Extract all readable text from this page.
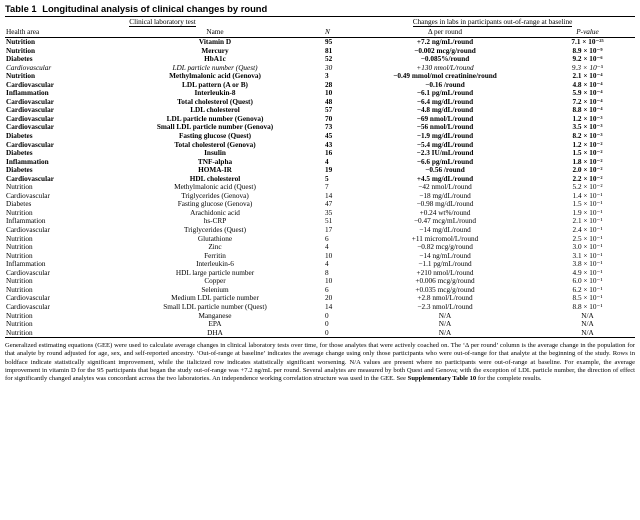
Table 1 Longitudinal analysis of clinical changes by round
Clinical laboratory test			Changes in labs in participants out-of-range at baseline	
Health area	Name	N	Δ per round	P-value
Nutrition	Vitamin D	95	+7.2 ng/mL/round	7.1 × 10⁻²⁵
Nutrition	Mercury	81	−0.002 mcg/g/round	8.9 × 10⁻⁹
Diabetes	HbA1c	52	−0.085%/round	9.2 × 10⁻⁶
Cardiovascular	LDL particle number (Quest)	30	+130 nmol/L/round	9.3 × 10⁻⁵
Nutrition	Methylmalonic acid (Genova)	3	−0.49 mmol/mol creatinine/round	2.1 × 10⁻⁴
Cardiovascular	LDL pattern (A or B)	28	−0.16 /round	4.8 × 10⁻⁴
Inflammation	Interleukin-8	10	−6.1 pg/mL/round	5.9 × 10⁻⁴
Cardiovascular	Total cholesterol (Quest)	48	−6.4 mg/dL/round	7.2 × 10⁻⁴
Cardiovascular	LDL cholesterol	57	−4.8 mg/dL/round	8.8 × 10⁻⁴
Cardiovascular	LDL particle number (Genova)	70	−69 nmol/L/round	1.2 × 10⁻³
Cardiovascular	Small LDL particle number (Genova)	73	−56 nmol/L/round	3.5 × 10⁻³
Diabetes	Fasting glucose (Quest)	45	−1.9 mg/dL/round	8.2 × 10⁻³
Cardiovascular	Total cholesterol (Genova)	43	−5.4 mg/dL/round	1.2 × 10⁻²
Diabetes	Insulin	16	−2.3 IU/mL/round	1.5 × 10⁻²
Inflammation	TNF-alpha	4	−6.6 pg/mL/round	1.8 × 10⁻²
Diabetes	HOMA-IR	19	−0.56 /round	2.0 × 10⁻²
Cardiovascular	HDL cholesterol	5	+4.5 mg/dL/round	2.2 × 10⁻²
Nutrition	Methylmalonic acid (Quest)	7	−42 nmol/L/round	5.2 × 10⁻²
Cardiovascular	Triglycerides (Genova)	14	−18 mg/dL/round	1.4 × 10⁻¹
Diabetes	Fasting glucose (Genova)	47	−0.98 mg/dL/round	1.5 × 10⁻¹
Nutrition	Arachidonic acid	35	+0.24 wt%/round	1.9 × 10⁻¹
Inflammation	hs-CRP	51	−0.47 mcg/mL/round	2.1 × 10⁻¹
Cardiovascular	Triglycerides (Quest)	17	−14 mg/dL/round	2.4 × 10⁻¹
Nutrition	Glutathione	6	+11 micromol/L/round	2.5 × 10⁻¹
Nutrition	Zinc	4	−0.82 mcg/g/round	3.0 × 10⁻¹
Nutrition	Ferritin	10	−14 ng/mL/round	3.1 × 10⁻¹
Inflammation	Interleukin-6	4	−1.1 pg/mL/round	3.8 × 10⁻¹
Cardiovascular	HDL large particle number	8	+210 nmol/L/round	4.9 × 10⁻¹
Nutrition	Copper	10	+0.006 mcg/g/round	6.0 × 10⁻¹
Nutrition	Selenium	6	+0.035 mcg/g/round	6.2 × 10⁻¹
Cardiovascular	Medium LDL particle number	20	+2.8 nmol/L/round	8.5 × 10⁻¹
Cardiovascular	Small LDL particle number (Quest)	14	−2.3 nmol/L/round	8.8 × 10⁻¹
Nutrition	Manganese	0	N/A	N/A
Nutrition	EPA	0	N/A	N/A
Nutrition	DHA	0	N/A	N/A
Generalized estimating equations (GEE) were used to calculate average changes in clinical laboratory tests over time, for those analytes that were actively coached on. The ‘Δ per round’ column is the average change in the population for that analyte by round adjusted for age, sex, and self-reported ancestry. ‘Out-of-range at baseline’ indicates the average change using only those participants who were out-of-range for that analyte at the beginning of the study. Rows in boldface indicate statistically significant improvement, while the italicized row indicates statistically significant worsening. N/A values are present where no participants were out-of-range at baseline. For example, the average improvement in vitamin D for the 95 participants that began the study out-of-range was +7.2 ng/mL per round. Several analytes are measured by both Quest and Genova; with the exception of LDL particle number, the direction of effect for significantly changed analytes was concordant across the two laboratories. An independence working correlation structure was used in the GEE. See Supplementary Table 10 for the complete results.
